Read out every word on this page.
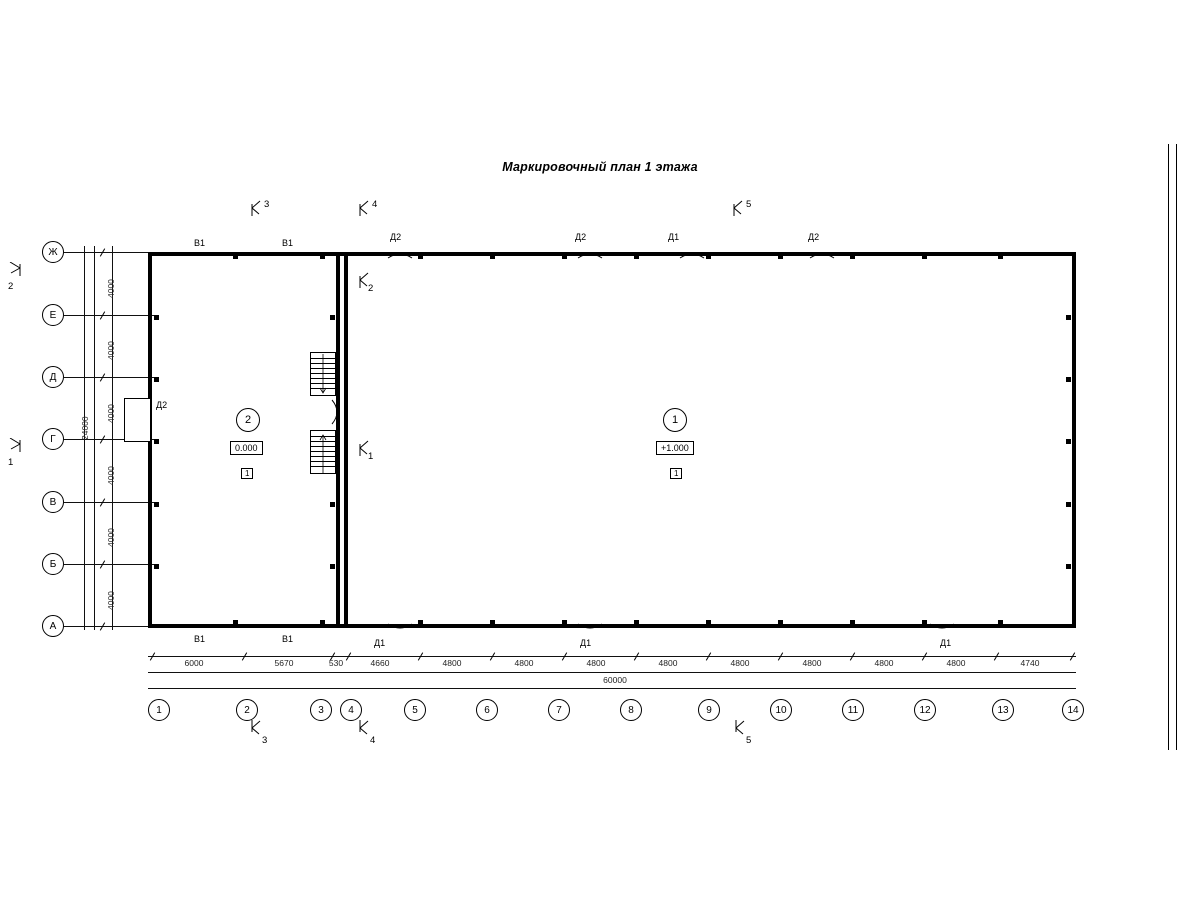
Маркировочный план 1 этажа
Ж
Е
Д
Г
В
Б
А
4000
4000
4000
4000
4000
4000
24000
Д2
В1	В1
Д2	Д2	Д1	Д2
В1	В1	Д1	Д1	Д1
2
0.000
1
1
+1.000
1
3	4	5
3	4	5
2
1
2
1
6000	5670	530	4660	4800	4800	4800	4800	4800	4800	4800	4800	4740
60000
1	2	3	4	5	6	7	8	9	10	11	12	13	14
